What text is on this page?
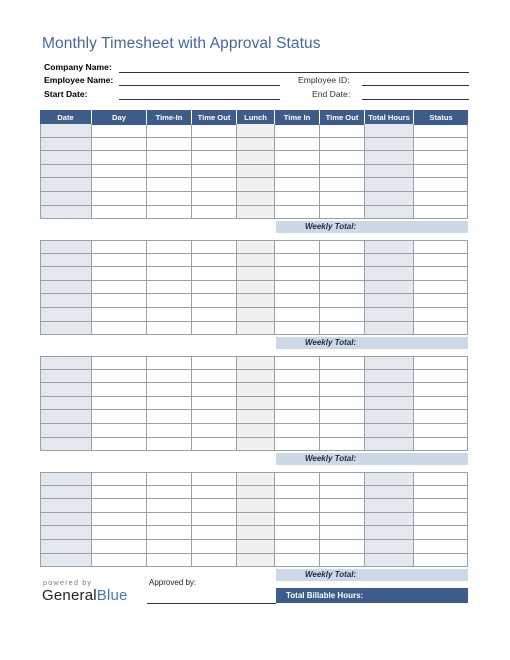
Monthly Timesheet with Approval Status
Company Name:
Employee Name:	Employee ID:
Start Date:	End Date:
Date	Day	Time-In	Time Out	Lunch	Time In	Time Out	Total Hours	Status
Weekly Total:
Weekly Total:
Weekly Total:
Weekly Total:
powered by
GeneralBlue
Approved by:
Total Billable Hours:
